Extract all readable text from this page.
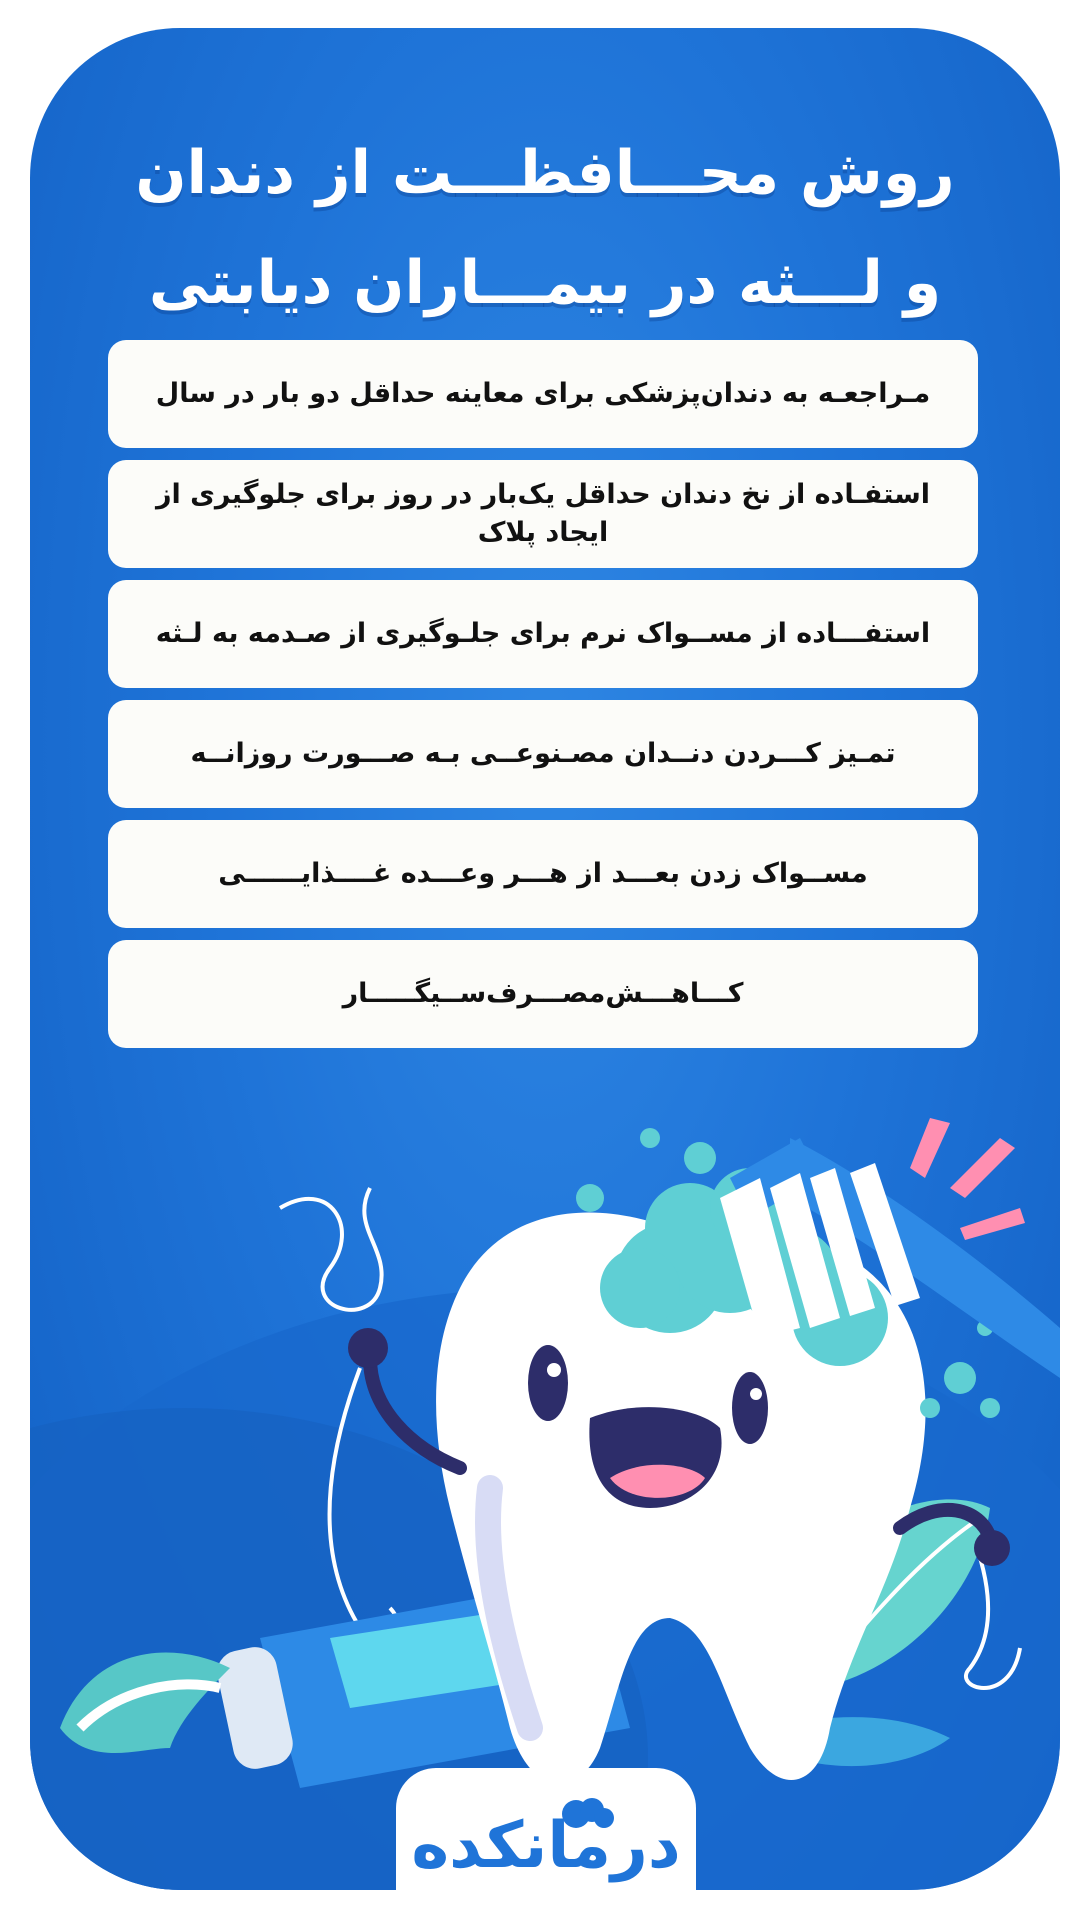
روش محـــافظـــت از دندان
و لـــثه در بیمـــاران دیابتی
مـراجعـه به دندان‌پزشکی برای معاینه حداقل دو بار در سال
استفـاده از نخ دندان حداقل یک‌بار در روز برای جلوگیری از ایجاد پلاک
استفـــاده از مســواک نرم برای جلـوگیری از صـدمه به لـثه
تمـیز کـــردن دنــدان مصـنوعــی بـه صـــورت روزانــه
مســواک زدن بعـــد از هـــر وعـــده غــــذایــــــی
کـــاهـــش‌مصـــرف‌ســیگـــــار
درمانکده
